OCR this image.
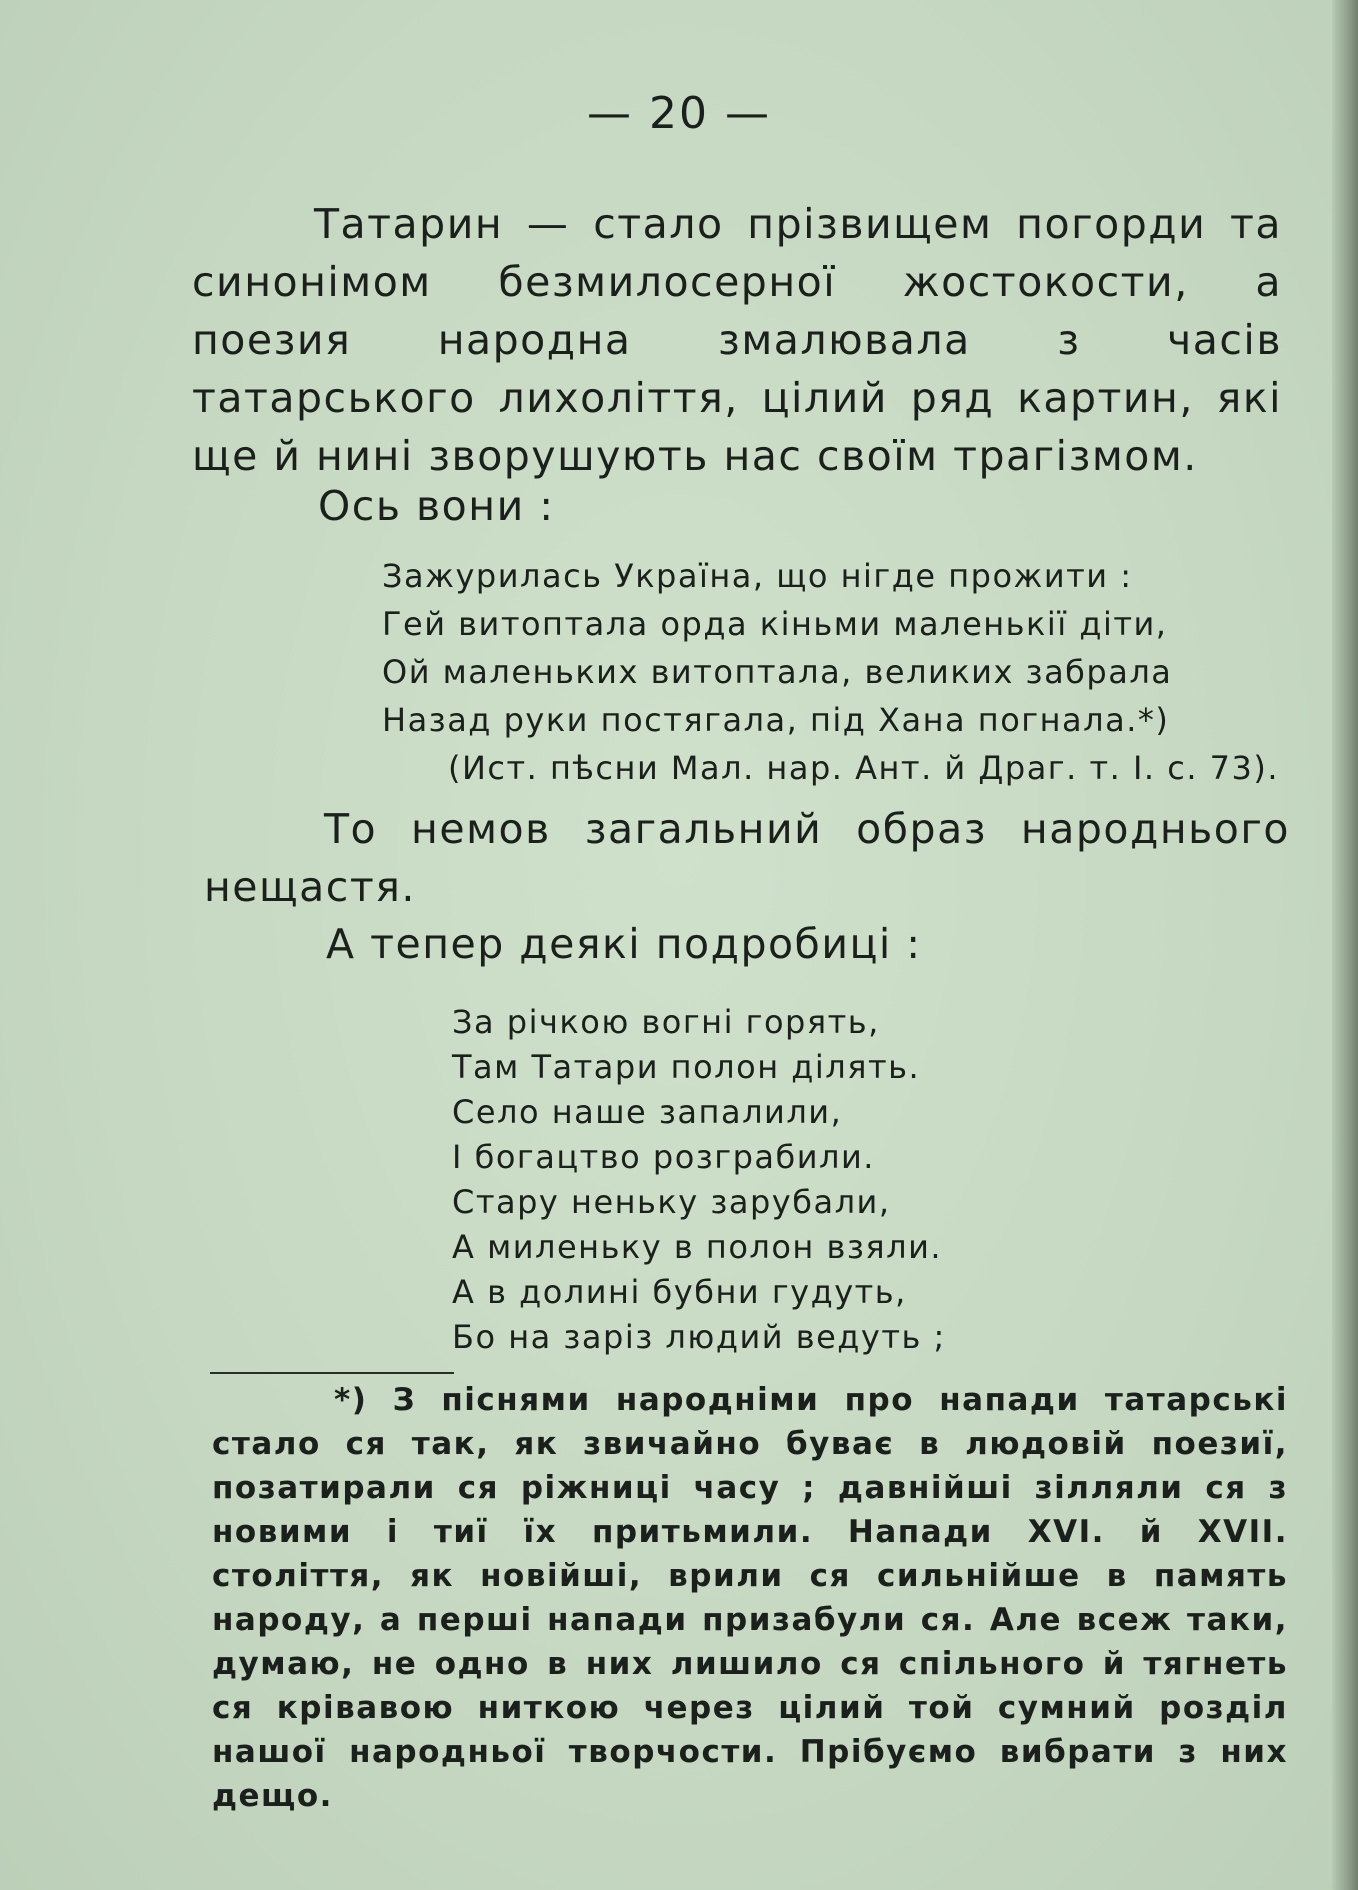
— 20 —

Татарин — стало прізвищем погорди та синонімом безмилосерної жостокости, а поезия народна змалювала з часів татарського лихоліття, цілий ряд картин, які ще й нині зворушують нас своїм трагізмом.

Ось вони :
Зажурилась Україна, що нігде прожити :
Гей витоптала орда кіньми маленькії діти,
Ой маленьких витоптала, великих забрала
Назад руки постягала, під Хана погнала.*)
(Ист. пѣсни Мал. нар. Ант. й Драг. т. I. с. 73).

То немов загальний образ народнього нещастя.

А тепер деякі подробиці :
За річкою вогні горять,
Там Татари полон ділять.
Село наше запалили,
І богацтво розграбили.
Стару неньку зарубали,
А миленьку в полон взяли.
А в долині бубни гудуть,
Бо на заріз людий ведуть ;

*) З піснями народніми про напади татарські стало ся так, як звичайно буває в людовій поезиї, позатирали ся ріжниці часу ; давнійші зілляли ся з новими і тиї їх притьмили. Напади XVI. й XVII. століття, як новійші, врили ся сильнійше в память народу, а перші напади призабули ся. Але всеж таки, думаю, не одно в них лишило ся спільного й тягнеть ся крівавою ниткою через цілий той сумний розділ нашої народньої творчости. Прібуємо вибрати з них дещо.
